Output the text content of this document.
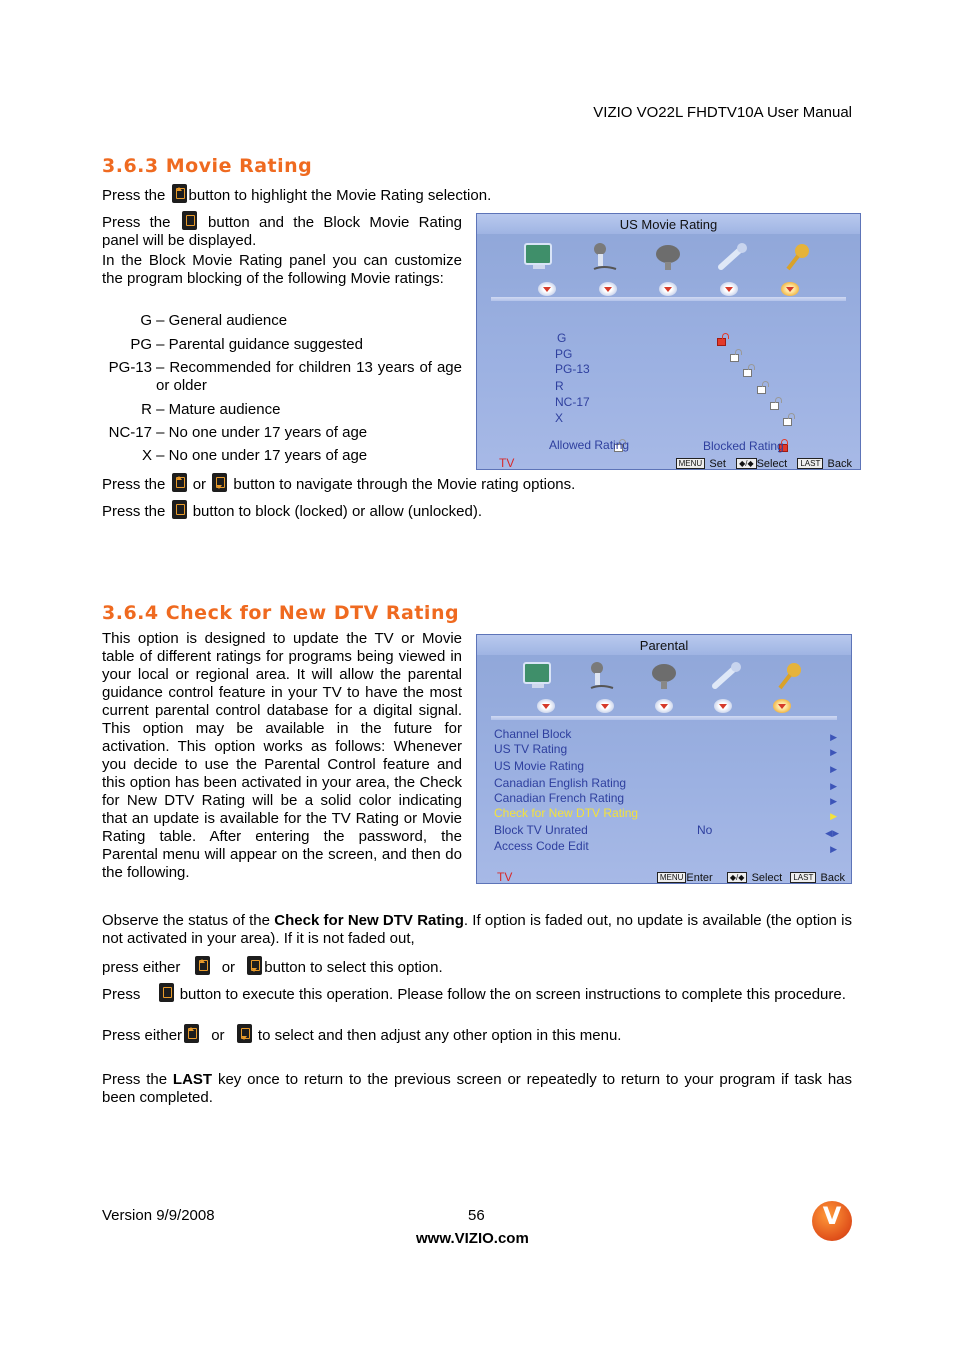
VIZIO VO22L FHDTV10A User Manual
3.6.3 Movie Rating
Press the button to highlight the Movie Rating selection.
Press the	button and the Block Movie Rating panel will be displayed.
In the Block Movie Rating panel you can customize the program blocking of the following Movie ratings:
G – General audience
PG – Parental guidance suggested
PG-13 – Recommended for children 13 years of age or older
R – Mature audience
NC-17 – No one under 17 years of age
X – No one under 17 years of age
US Movie Rating
G
PG
PG-13
R
NC-17
X

Allowed Rating	Blocked Rating
TV	MENU Set ◆/◆ Select LAST Back
Press the or button to navigate through the Movie rating options.
Press the button to block (locked) or allow (unlocked).
3.6.4 Check for New DTV Rating
This option is designed to update the TV or Movie table of different ratings for programs being viewed in your local or regional area. It will allow the parental guidance control feature in your TV to have the most current parental control database for a digital signal. This option may be available in the future for activation. This option works as follows: Whenever you decide to use the Parental Control feature and this option has been activated in your area, the Check for New DTV Rating will be a solid color indicating that an update is available for the TV Rating or Movie Rating table. After entering the password, the Parental menu will appear on the screen, and then do the following.
Parental
Channel Block	▶
US TV Rating	▶
US Movie Rating	▶
Canadian English Rating	▶
Canadian French Rating	▶
Check for New DTV Rating	▶
Block TV Unrated	No	◀▶
Access Code Edit	▶
TV	MENU Enter ◆/◆ Select LAST Back
Observe the status of the Check for New DTV Rating. If option is faded out, no update is available (the option is not activated in your area). If it is not faded out,
press either	or button to select this option.
Press	button to execute this operation. Please follow the on screen instructions to complete this procedure.
Press either or to select and then adjust any other option in this menu.
Press the LAST key once to return to the previous screen or repeatedly to return to your program if task has been completed.
Version 9/9/2008	56
www.VIZIO.com
V
